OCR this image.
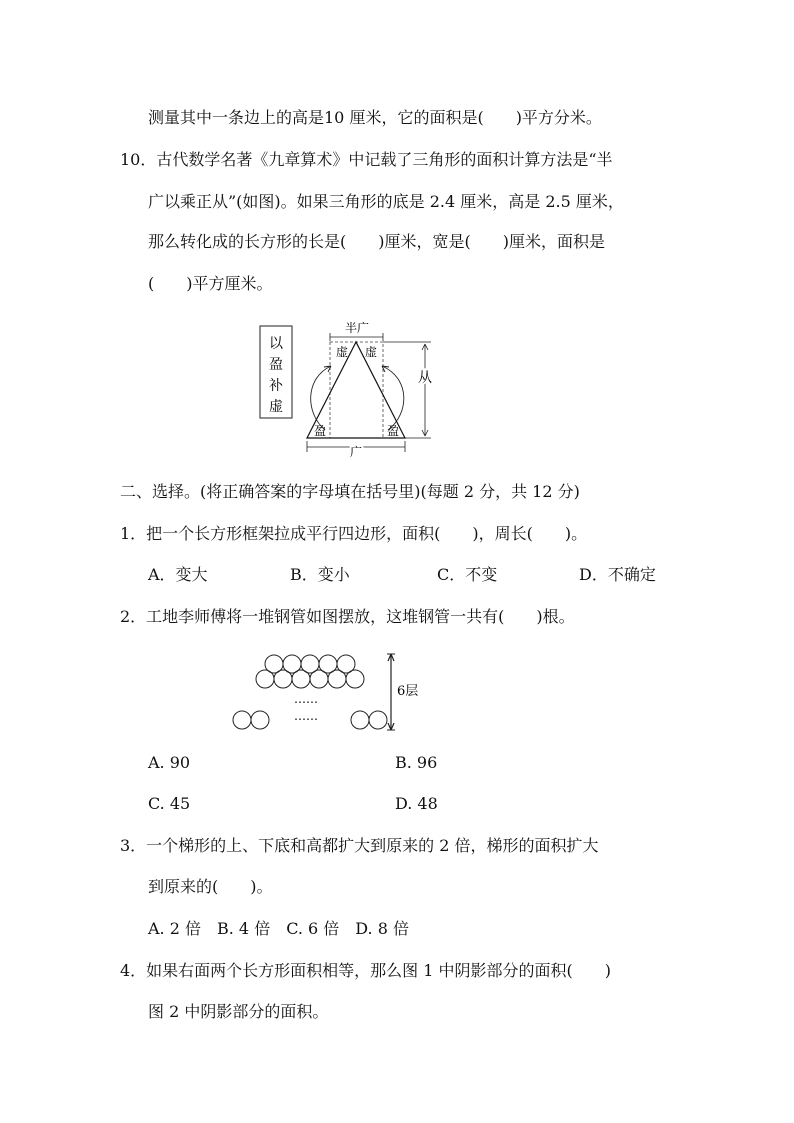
测量其中一条边上的高是10 厘米，它的面积是(　　)平方分米。
10．古代数学名著《九章算术》中记载了三角形的面积计算方法是“半
广以乘正从”(如图)。如果三角形的底是 2.4 厘米，高是 2.5 厘米，
那么转化成的长方形的长是(　　)厘米，宽是(　　)厘米，面积是
(　　)平方厘米。
以
盈
补
虚
半广
虚 虚
盈	盈
从
广
二、选择。(将正确答案的字母填在括号里)(每题 2 分，共 12 分)
1．把一个长方形框架拉成平行四边形，面积(　　)，周长(　　)。
A．变大	B．变小	C．不变	D．不确定
2．工地李师傅将一堆钢管如图摆放，这堆钢管一共有(　　)根。
……
……
6层
A. 90	B. 96
C. 45	D. 48
3．一个梯形的上、下底和高都扩大到原来的 2 倍，梯形的面积扩大
到原来的(　　)。
A. 2 倍　B. 4 倍　C. 6 倍　D. 8 倍
4．如果右面两个长方形面积相等，那么图 1 中阴影部分的面积(　　)
图 2 中阴影部分的面积。
